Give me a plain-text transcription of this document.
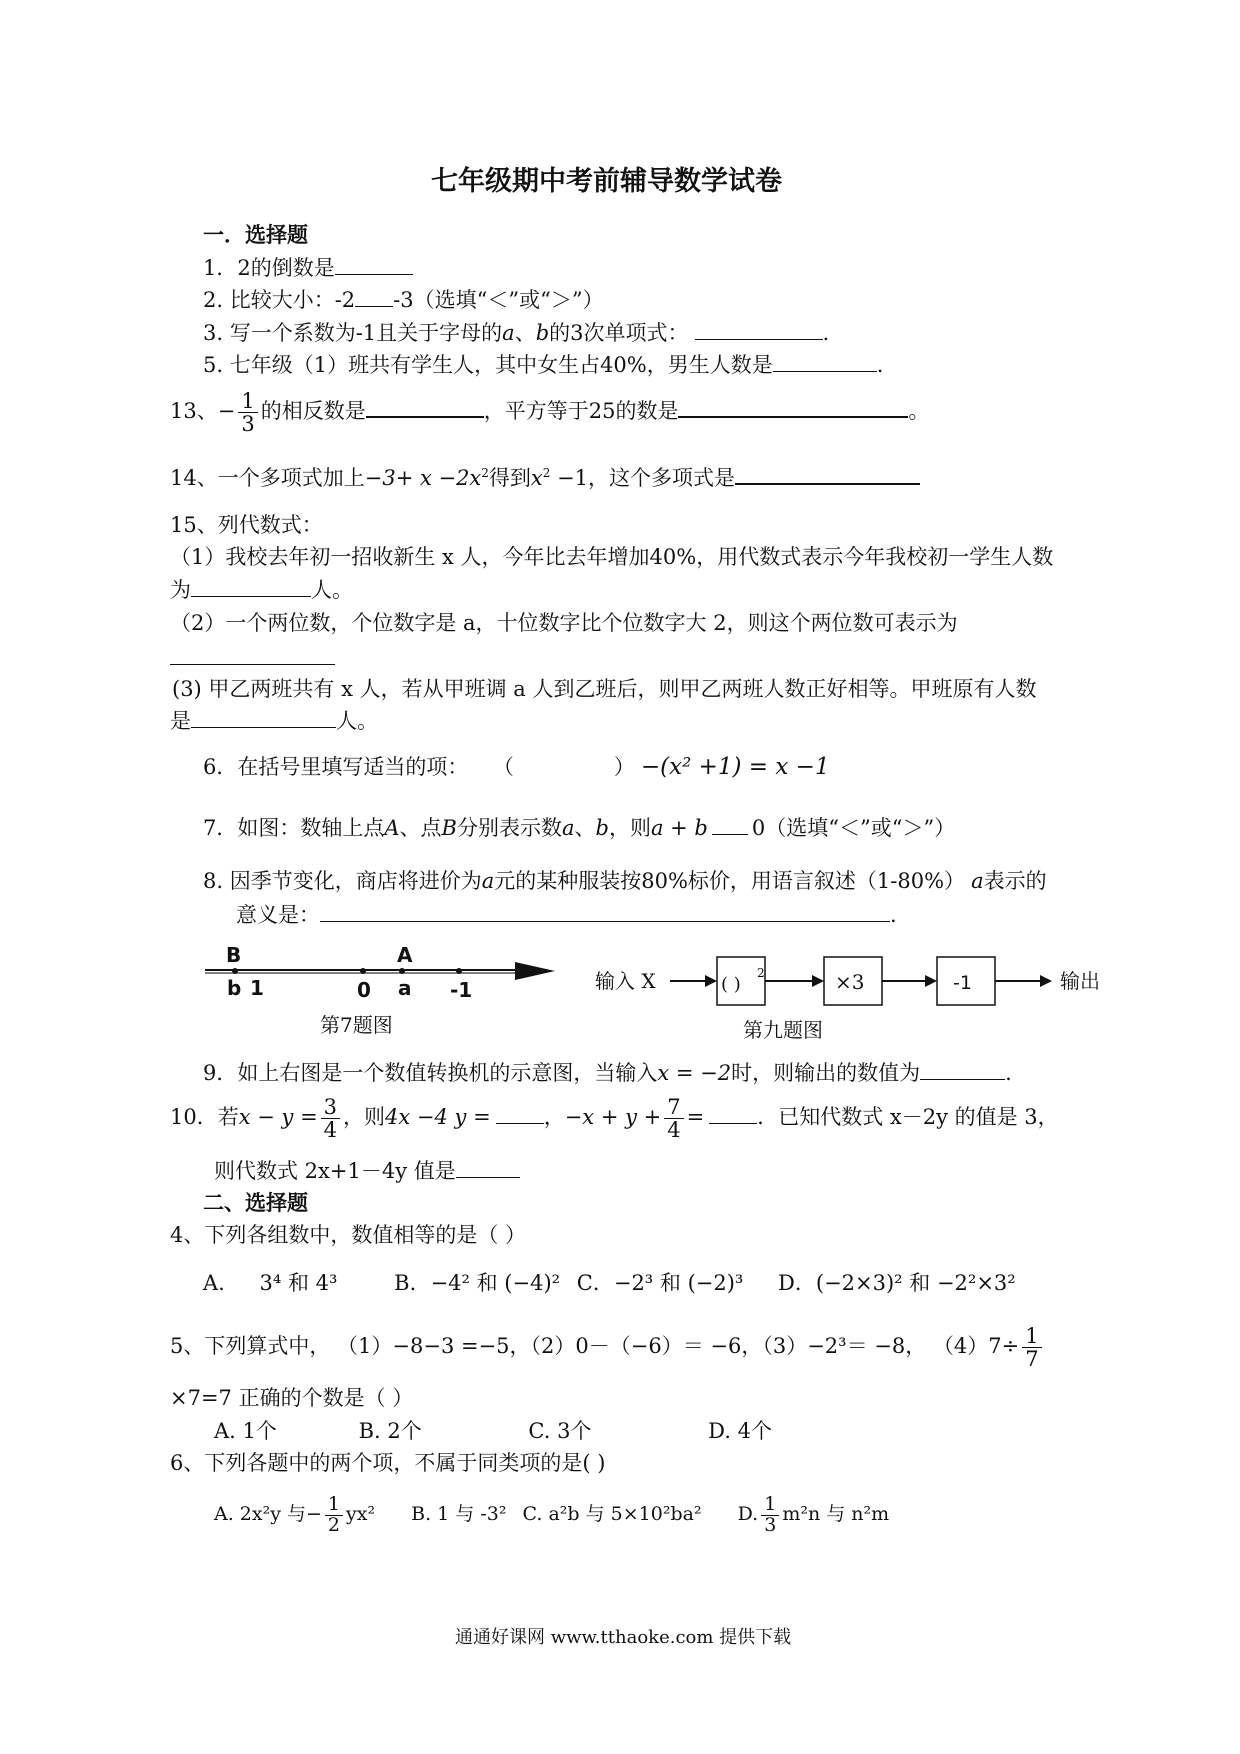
七年级期中考前辅导数学试卷
一．选择题
1．2的倒数是
2. 比较大小：-2 -3（选填“＜”或“＞”）
3. 写一个系数为-1且关于字母的a、b的3次单项式：	.
5. 七年级（1）班共有学生人，其中女生占40%，男生人数是	.
13、− $\frac{1}{3}$ 的相反数是	，平方等于25的数是	。
14、一个多项式加上$-3+ x -2x^2$得到$x^2 -1$，这个多项式是
15、列代数式：
（1）我校去年初一招收新生 x 人，今年比去年增加40%，用代数式表示今年我校初一学生人数
为	人。
（2）一个两位数，个位数字是 a，十位数字比个位数字大 2，则这个两位数可表示为
(3) 甲乙两班共有 x 人，若从甲班调 a 人到乙班后，则甲乙两班人数正好相等。甲班原有人数
是	人。
6．在括号里填写适当的项： （	） −(x² +1) = x −1
7．如图：数轴上点A、点B分别表示数a、b，则a + b 0（选填“＜”或“＞”）
8. 因季节变化，商店将进价为a元的某种服装按80%标价，用语言叙述（1-80%） a表示的
意义是：	.
B
b 1	0
A
a -1
第7题图
输入 X	( )
2	×3	-1	输出
第九题图
9．如上右图是一个数值转换机的示意图，当输入x = −2时，则输出的数值为	.
10．若$x - y = \frac{3}{4}$ ，则4x −4 y =	，$-x + y + \frac{7}{4}$ =	．已知代数式 x－2y 的值是 3，
则代数式 2x+1－4y 值是
二、选择题
4、下列各组数中，数值相等的是（ ）
A. 3⁴ 和 4³	B．−4² 和 (−4)² C．−2³ 和 (−2)³ D．(−2×3)² 和 −2²×3²
5、下列算式中， （1）−8−3 =−5，（2）0－（−6）＝ −6，（3）−2³＝ −8， $(4)7\div \frac{1}{7}$
×7=7 正确的个数是（ ）
A. 1个	B. 2个	C. 3个	D. 4个
6、下列各题中的两个项，不属于同类项的是( )
A. 2x²y 与− $\frac{1}{2} yx^2$ B. 1 与 -3² C. a²b 与 5×10²ba² D. $\frac{1}{3} m^2n$ 与 n²m
通通好课网 www.tthaoke.com 提供下载
